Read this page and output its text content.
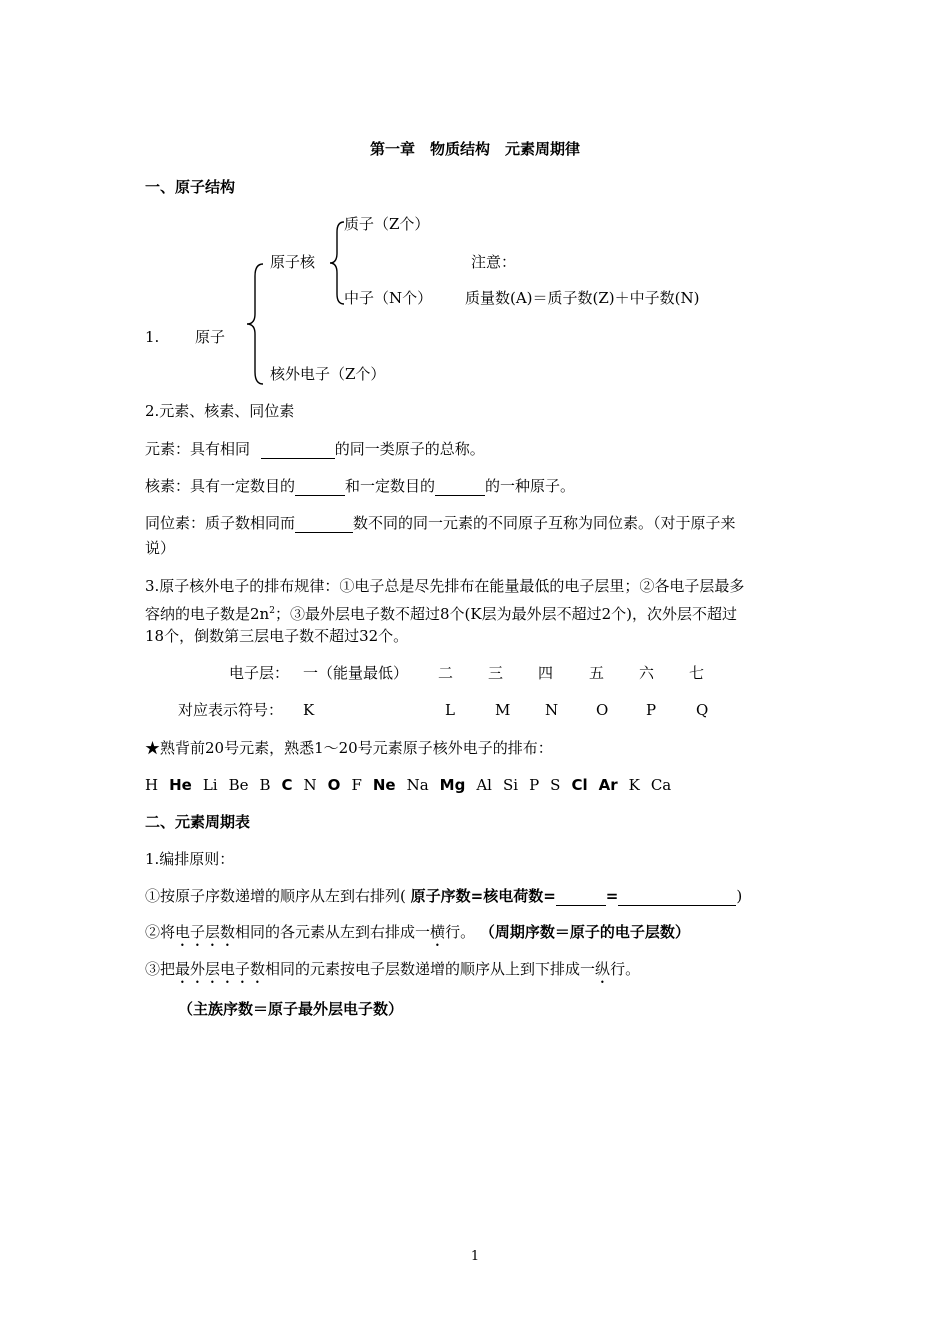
第一章　物质结构　元素周期律
一、原子结构
1. 原子
原子核
质子（Z个）
中子（N个）
注意：
质量数(A)＝质子数(Z)＋中子数(N)
核外电子（Z个）
2.元素、核素、同位素
元素：具有相同	的同一类原子的总称。
核素：具有一定数目的	和一定数目的	的一种原子。
同位素：质子数相同而	数不同的同一元素的不同原子互称为同位素。（对于原子来
说）
3.原子核外电子的排布规律：①电子总是尽先排布在能量最低的电子层里；②各电子层最多
容纳的电子数是$2n^2$；③最外层电子数不超过8个(K层为最外层不超过2个)，次外层不超过
18个，倒数第三层电子数不超过32个。
电子层： 一（能量最低） 二 三 四 五 六 七
对应表示符号： K	L	M N	O	P	Q
★熟背前20号元素，熟悉1～20号元素原子核外电子的排布：
H He Li Be B C N O F Ne Na Mg Al Si P S Cl Ar K Ca
二、元素周期表
1.编排原则：
①按原子序数递增的顺序从左到右排列( 原子序数=核电荷数=	=	)
②将电子层数相同的各元素从左到右排成一横行。 （周期序数＝原子的电子层数）
③把最外层电子数相同的元素按电子层数递增的顺序从上到下排成一纵行。
（主族序数＝原子最外层电子数）
1
